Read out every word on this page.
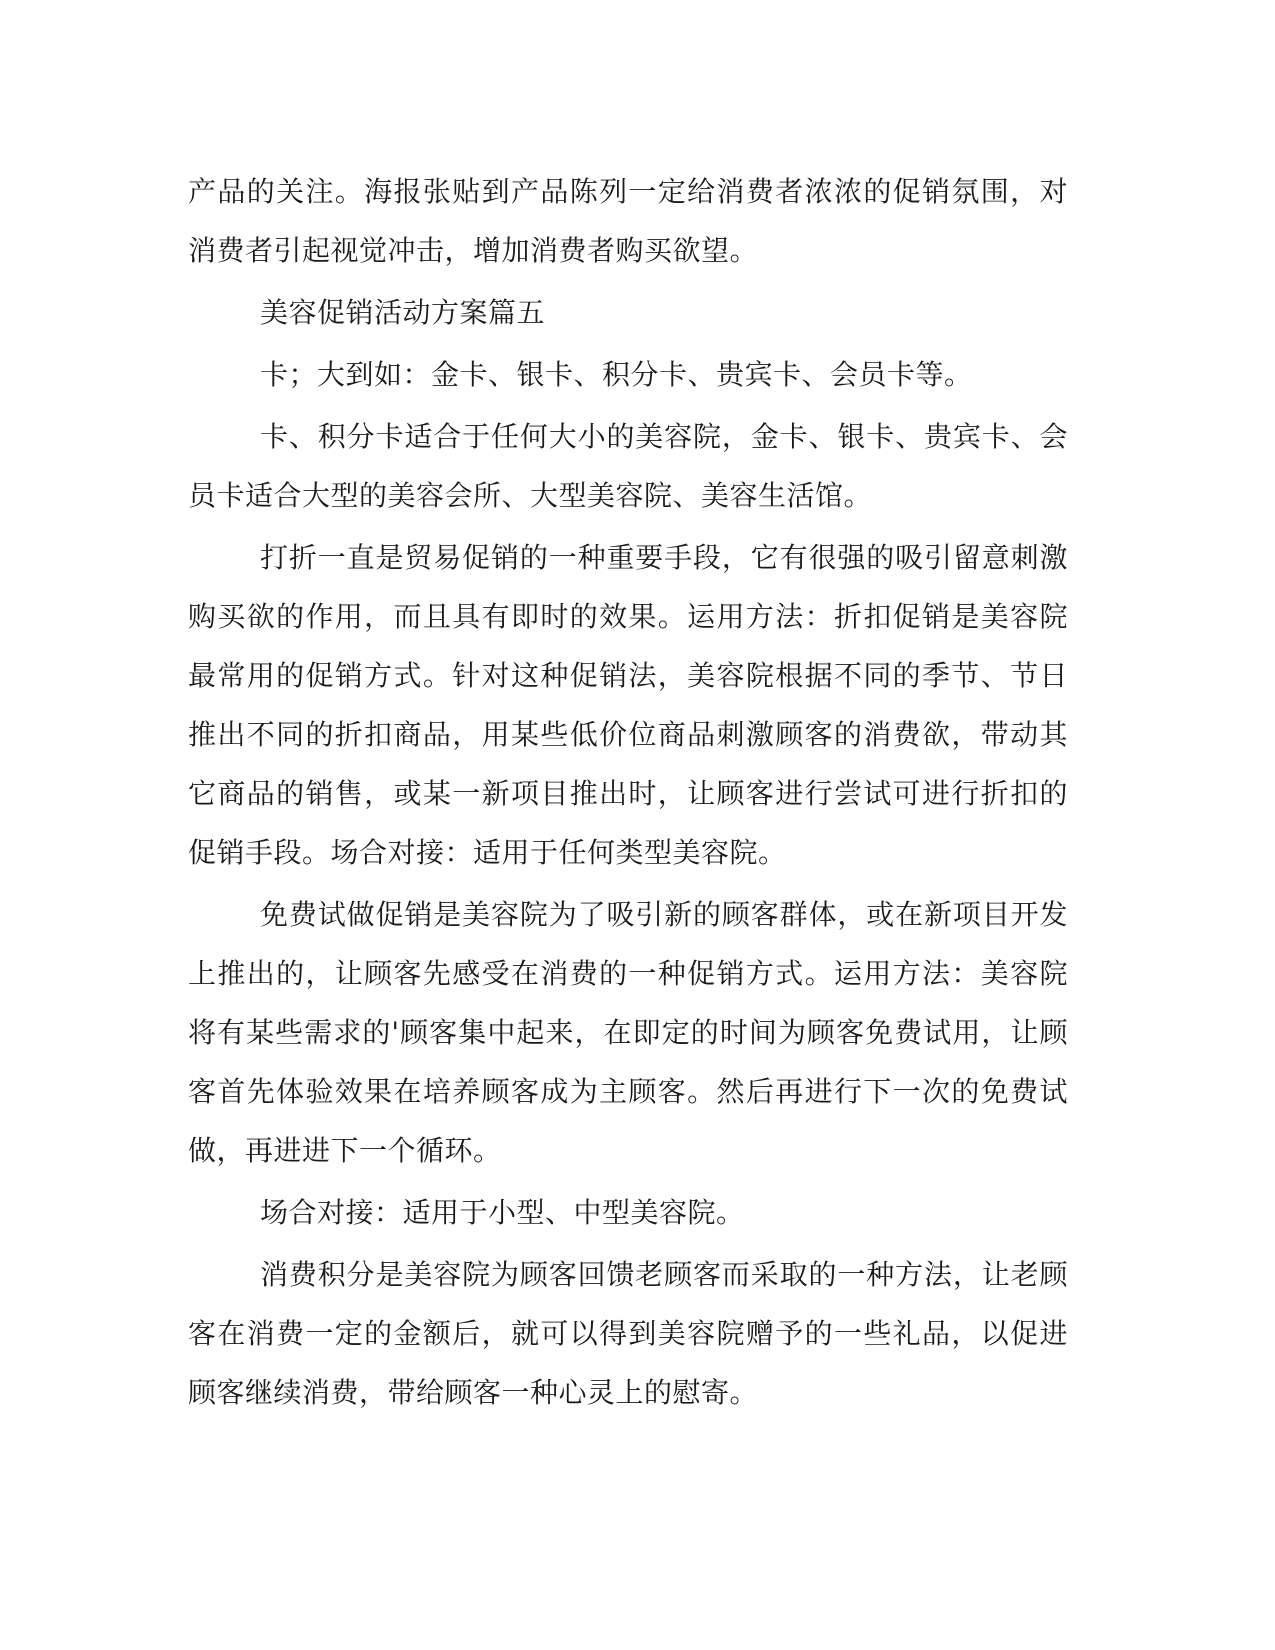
产品的关注。海报张贴到产品陈列一定给消费者浓浓的促销氛围，对消费者引起视觉冲击，增加消费者购买欲望。

美容促销活动方案篇五

卡；大到如：金卡、银卡、积分卡、贵宾卡、会员卡等。

卡、积分卡适合于任何大小的美容院，金卡、银卡、贵宾卡、会员卡适合大型的美容会所、大型美容院、美容生活馆。

打折一直是贸易促销的一种重要手段，它有很强的吸引留意刺激购买欲的作用，而且具有即时的效果。运用方法：折扣促销是美容院最常用的促销方式。针对这种促销法，美容院根据不同的季节、节日推出不同的折扣商品，用某些低价位商品刺激顾客的消费欲，带动其它商品的销售，或某一新项目推出时，让顾客进行尝试可进行折扣的促销手段。场合对接：适用于任何类型美容院。

免费试做促销是美容院为了吸引新的顾客群体，或在新项目开发上推出的，让顾客先感受在消费的一种促销方式。运用方法：美容院将有某些需求的'顾客集中起来，在即定的时间为顾客免费试用，让顾客首先体验效果在培养顾客成为主顾客。然后再进行下一次的免费试做，再进进下一个循环。

场合对接：适用于小型、中型美容院。

消费积分是美容院为顾客回馈老顾客而采取的一种方法，让老顾客在消费一定的金额后，就可以得到美容院赠予的一些礼品，以促进顾客继续消费，带给顾客一种心灵上的慰寄。
